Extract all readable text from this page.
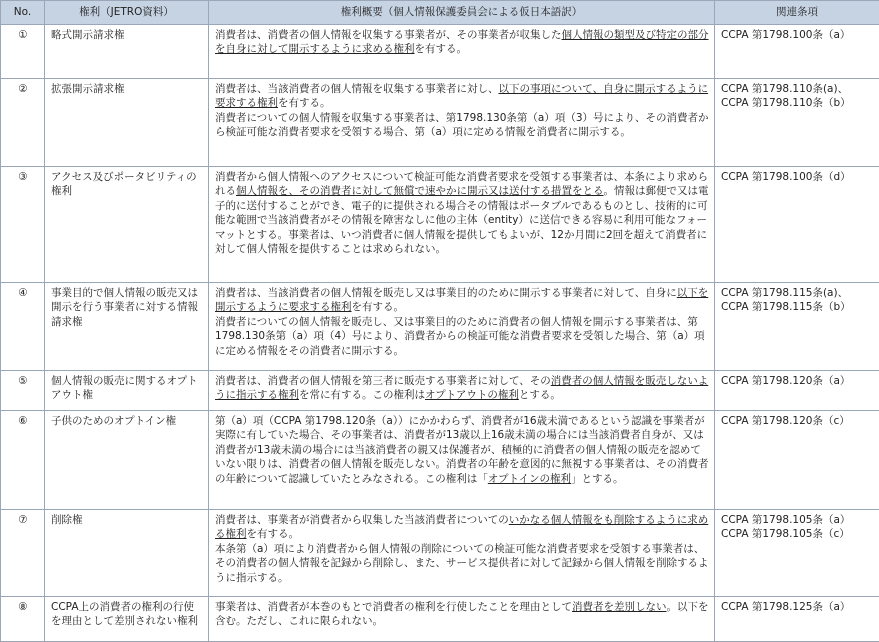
No.	権利（JETRO資料）	権利概要（個人情報保護委員会による仮日本語訳）	関連条項
①	略式開示請求権	消費者は、消費者の個人情報を収集する事業者が、その事業者が収集した個人情報の類型及び特定の部分を自身に対して開示するように求める権利を有する。	CCPA 第1798.100条（a）

②	拡張開示請求権	消費者は、当該消費者の個人情報を収集する事業者に対し、以下の事項について、自身に開示するように要求する権利を有する。
消費者についての個人情報を収集する事業者は、第1798.130条第（a）項（3）号により、その消費者から検証可能な消費者要求を受領する場合、第（a）項に定める情報を消費者に開示する。	CCPA 第1798.110条(a)、
CCPA 第1798.110条（b）

③	アクセス及びポータビリティの権利	消費者から個人情報へのアクセスについて検証可能な消費者要求を受領する事業者は、本条により求められる個人情報を、その消費者に対して無償で速やかに開示又は送付する措置をとる。情報は郵便で又は電子的に送付することができ、電子的に提供される場合その情報はポータブルであるものとし、技術的に可能な範囲で当該消費者がその情報を障害なしに他の主体（entity）に送信できる容易に利用可能なフォーマットとする。事業者は、いつ消費者に個人情報を提供してもよいが、12か月間に2回を超えて消費者に対して個人情報を提供することは求められない。	CCPA 第1798.100条（d）

④	事業目的で個人情報の販売又は開示を行う事業者に対する情報請求権	消費者は、当該消費者の個人情報を販売し又は事業目的のために開示する事業者に対して、自身に以下を開示するように要求する権利を有する。
消費者についての個人情報を販売し、又は事業目的のために消費者の個人情報を開示する事業者は、第1798.130条第（a）項（4）号により、消費者からの検証可能な消費者要求を受領した場合、第（a）項に定める情報をその消費者に開示する。	CCPA 第1798.115条(a)、
CCPA 第1798.115条（b）

⑤	個人情報の販売に関するオプトアウト権	消費者は、消費者の個人情報を第三者に販売する事業者に対して、その消費者の個人情報を販売しないように指示する権利を常に有する。この権利はオプトアウトの権利とする。	CCPA 第1798.120条（a）

⑥	子供のためのオプトイン権	第（a）項（CCPA 第1798.120条（a））にかかわらず、消費者が16歳未満であるという認識を事業者が実際に有していた場合、その事業者は、消費者が13歳以上16歳未満の場合には当該消費者自身が、又は消費者が13歳未満の場合には当該消費者の親又は保護者が、積極的に消費者の個人情報の販売を認めていない限りは、消費者の個人情報を販売しない。消費者の年齢を意図的に無視する事業者は、その消費者の年齢について認識していたとみなされる。この権利は「オプトインの権利」とする。	CCPA 第1798.120条（c）

⑦	削除権	消費者は、事業者が消費者から収集した当該消費者についてのいかなる個人情報をも削除するように求める権利を有する。
本条第（a）項により消費者から個人情報の削除についての検証可能な消費者要求を受領する事業者は、その消費者の個人情報を記録から削除し、また、サービス提供者に対して記録から個人情報を削除するように指示する。	CCPA 第1798.105条（a）
CCPA 第1798.105条（c）

⑧	CCPA上の消費者の権利の行使を理由として差別されない権利	事業者は、消費者が本巻のもとで消費者の権利を行使したことを理由として消費者を差別しない。以下を含む。ただし、これに限られない。	CCPA 第1798.125条（a）
